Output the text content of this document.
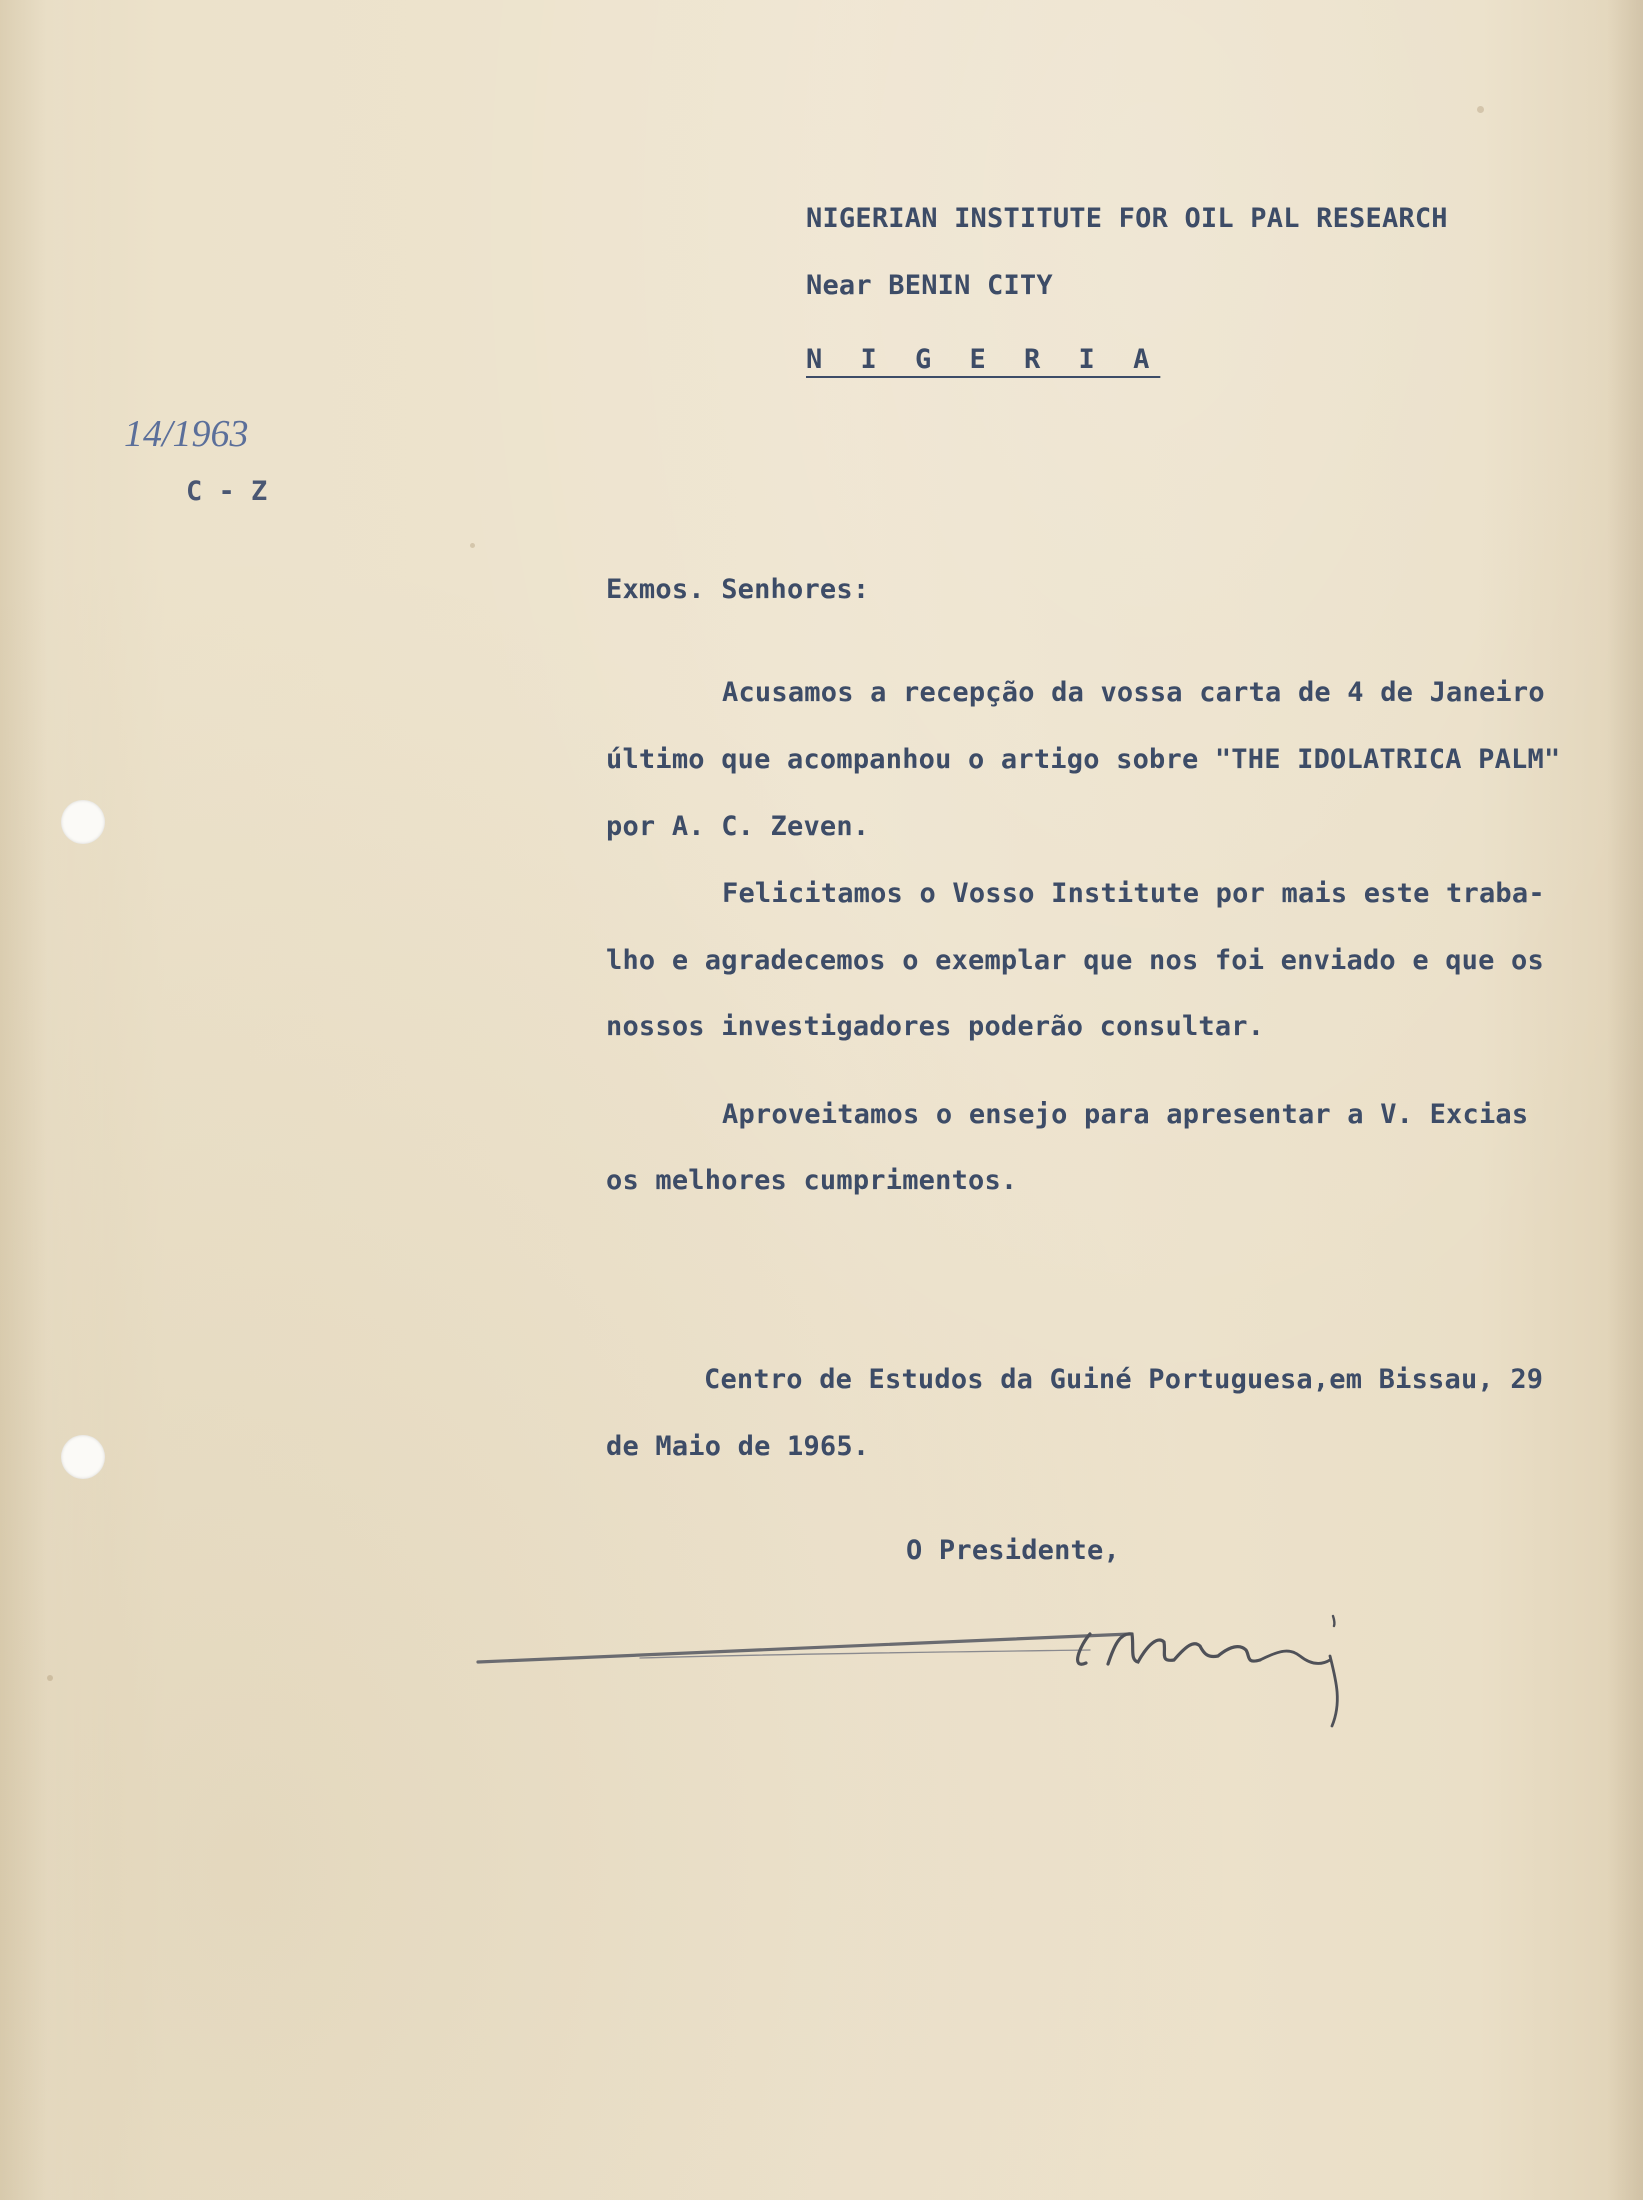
NIGERIAN INSTITUTE FOR OIL PAL RESEARCH
Near BENIN CITY
N I G E R I A
14/1963
C - Z
Exmos. Senhores:
Acusamos a recepção da vossa carta de 4 de Janeiro
último que acompanhou o artigo sobre "THE IDOLATRICA PALM"
por A. C. Zeven.
Felicitamos o Vosso Institute por mais este traba-
lho e agradecemos o exemplar que nos foi enviado e que os
nossos investigadores poderão consultar.
Aproveitamos o ensejo para apresentar a V. Excias
os melhores cumprimentos.
Centro de Estudos da Guiné Portuguesa,em Bissau, 29
de Maio de 1965.
O Presidente,
